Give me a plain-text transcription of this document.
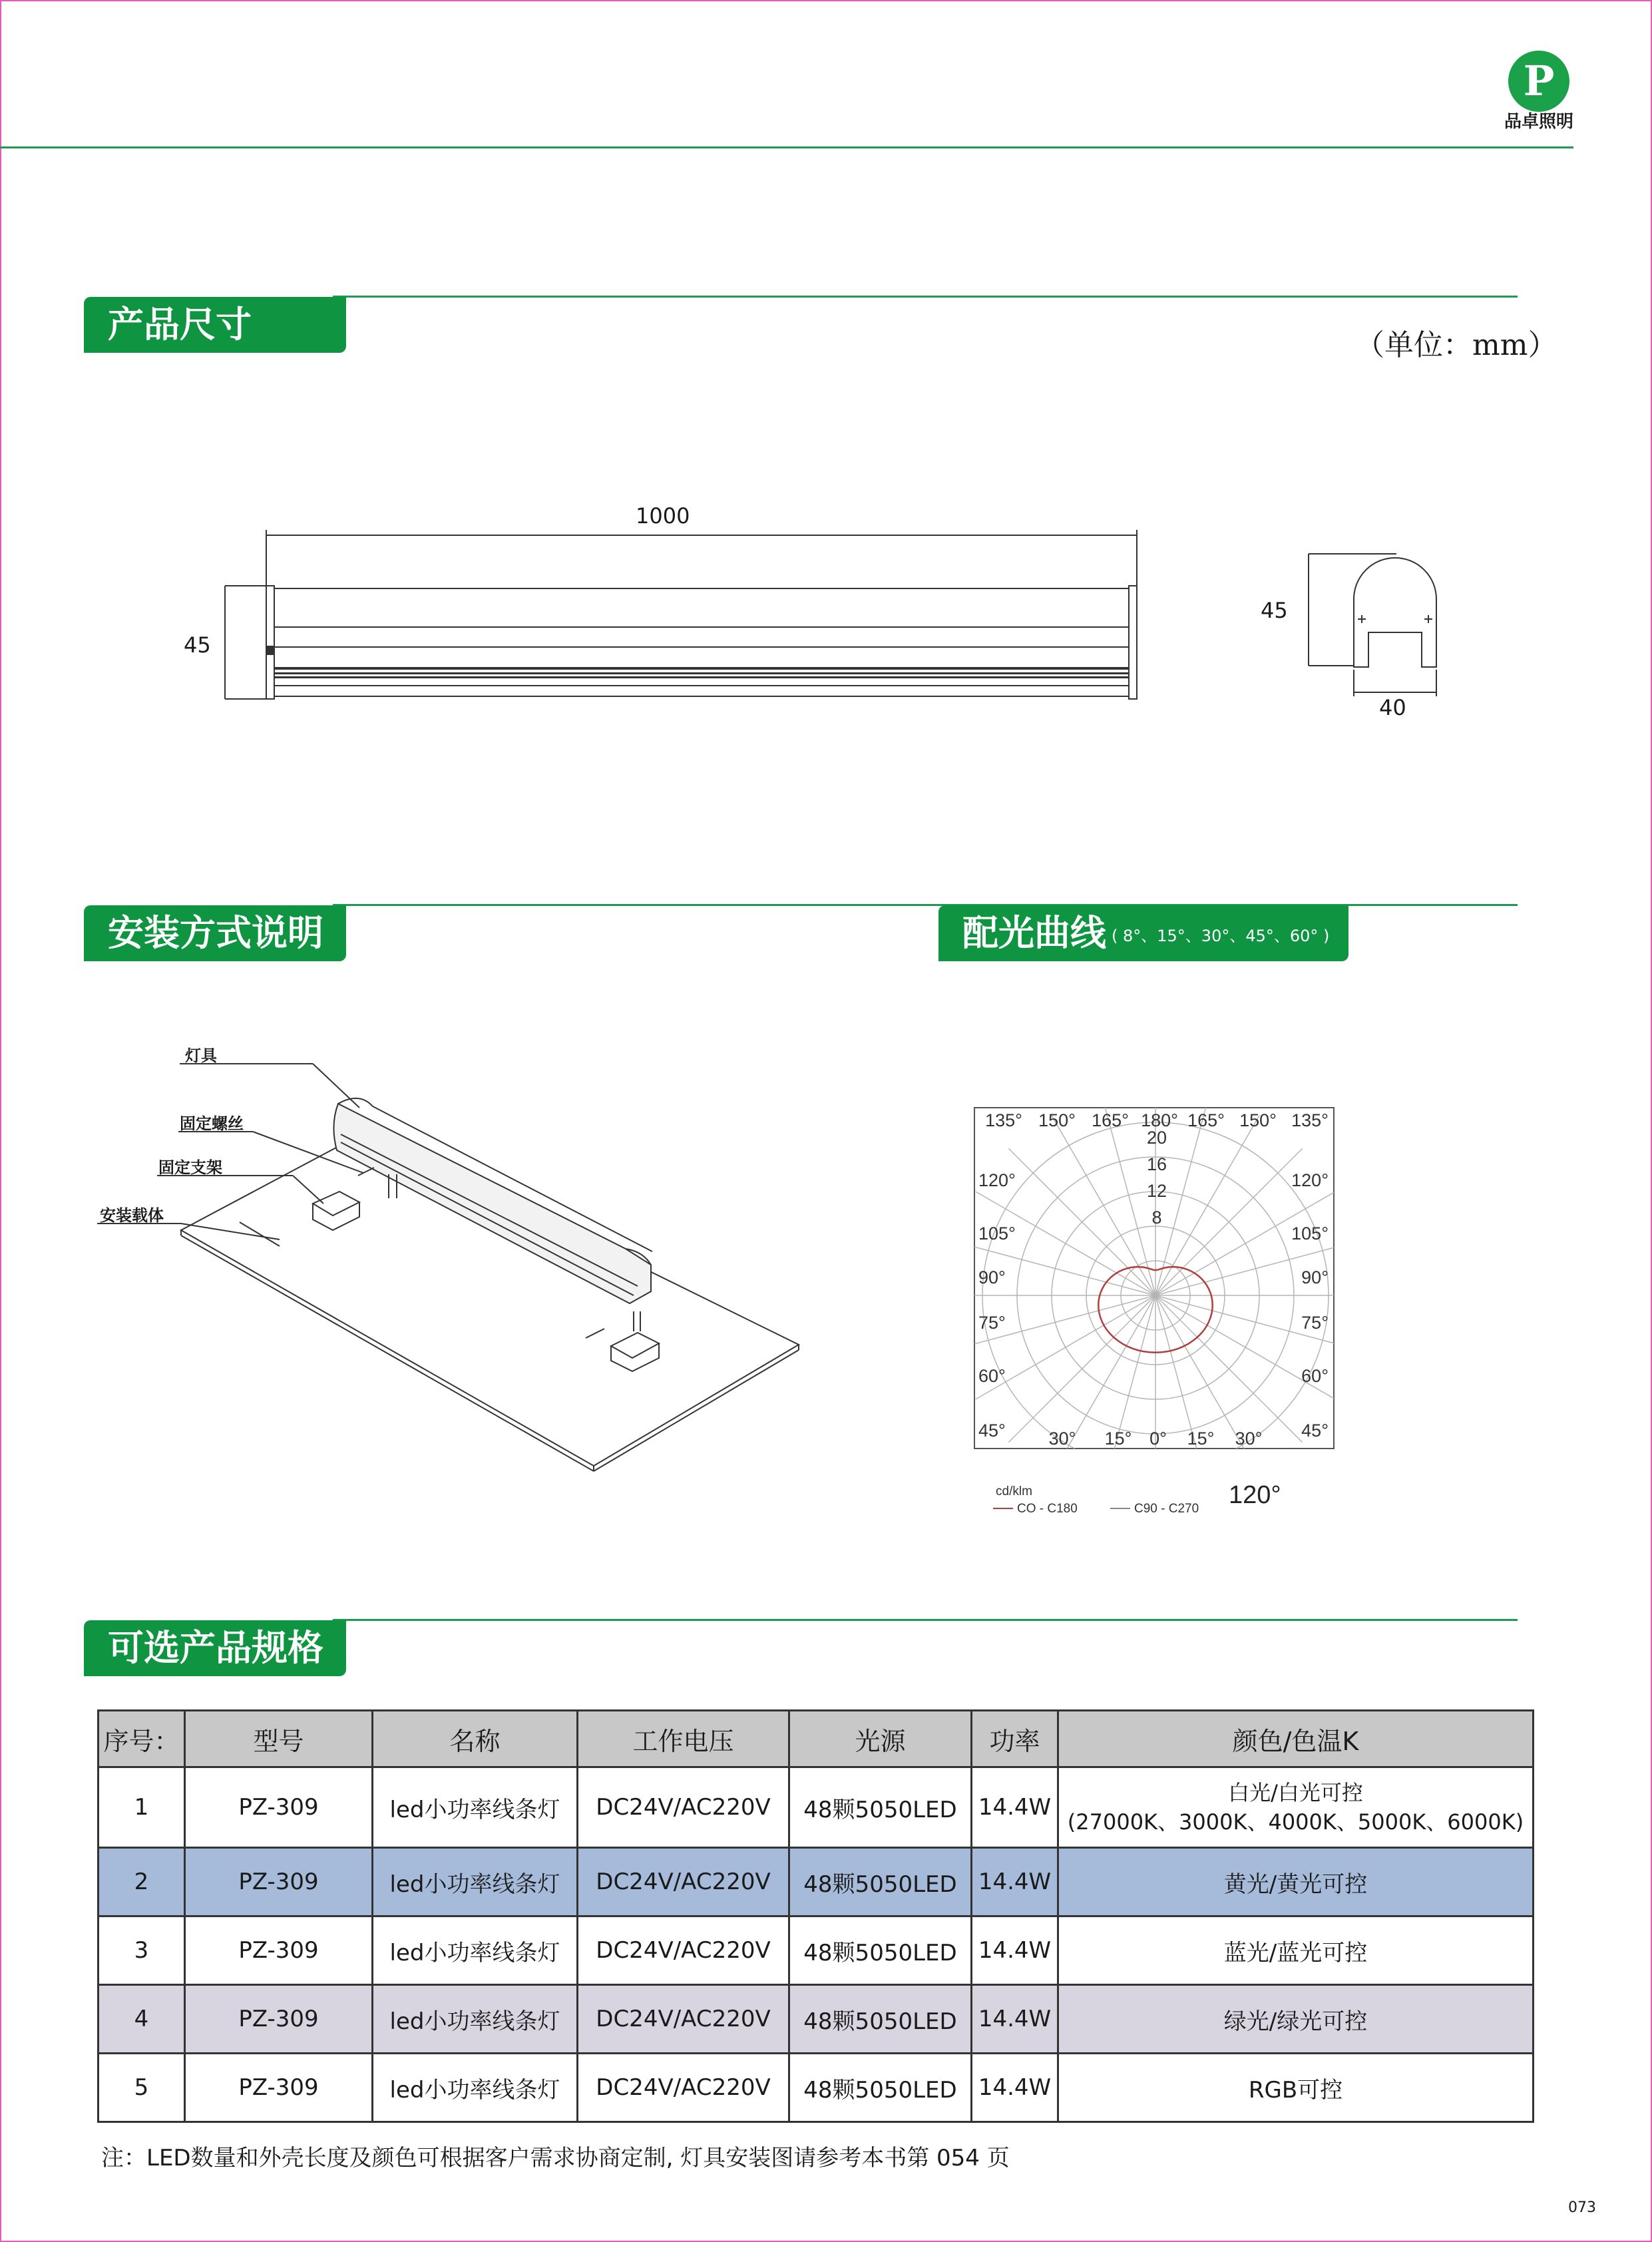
P
品卓照明
产品尺寸	（单位：mm）
1000
45
45
40
安装方式说明	配光曲线 $^{( 8^\circ、15^\circ、30^\circ、45^\circ、60^\circ )}$
灯具
固定螺丝
固定支架
安装载体
135° 150° 165° 180° 165° 150° 135°
120°
105°
90°
75°
60°
45°
120°
105°
90°
75°
60°
45°
30° 15° 0° 15° 30°
20
16
12
8
cd/klm
CO - C180	C90 - C270 120°
可选产品规格
序号：	型号	名称	工作电压	光源	功率	颜色/色温K
1	PZ-309	led小功率线条灯	DC24V/AC220V	48颗5050LED	14.4W	白光/白光可控
(27000K、3000K、4000K、5000K、6000K)

2	PZ-309	led小功率线条灯	DC24V/AC220V	48颗5050LED	14.4W	黄光/黄光可控
3	PZ-309	led小功率线条灯	DC24V/AC220V	48颗5050LED	14.4W	蓝光/蓝光可控
4	PZ-309	led小功率线条灯	DC24V/AC220V	48颗5050LED	14.4W	绿光/绿光可控
5	PZ-309	led小功率线条灯	DC24V/AC220V	48颗5050LED	14.4W	RGB可控
注：LED数量和外壳长度及颜色可根据客户需求协商定制, 灯具安装图请参考本书第 054 页
073
